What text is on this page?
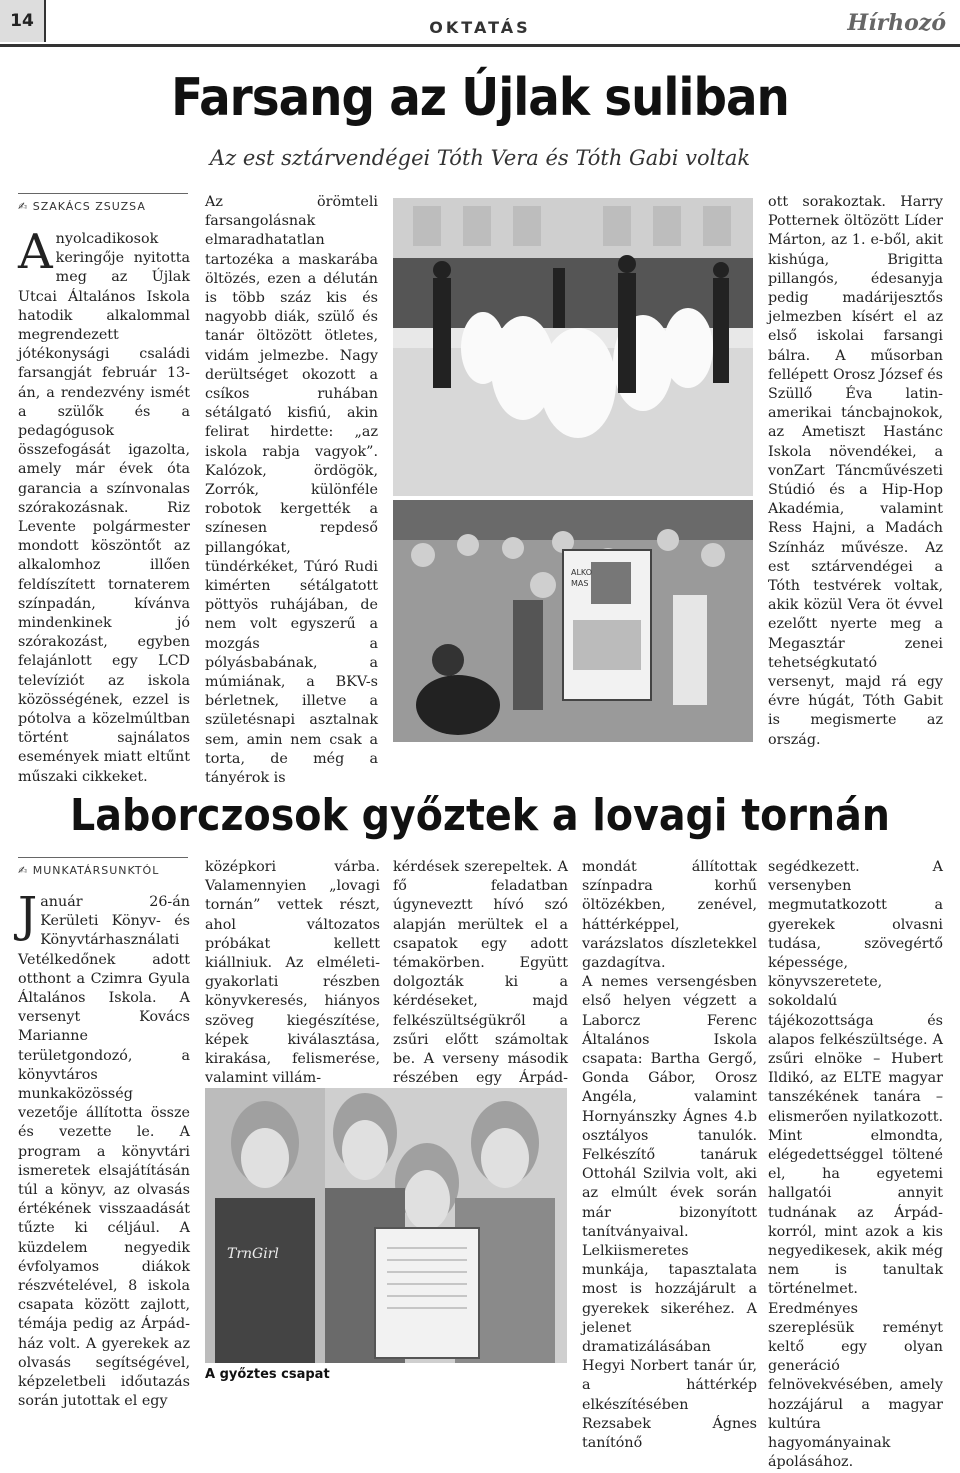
14	OKTATÁS	Hírhozó
Farsang az Újlak suliban
Az est sztárvendégei Tóth Vera és Tóth Gabi voltak
✍ SZAKÁCS ZSUZSA
Anyolcadikosok keringője nyitotta meg az Újlak Utcai Általános Iskola hatodik alkalommal megrendezett jótékonysági családi farsangját február 13-án, a rendezvény ismét a szülők és a pedagógusok összefogását igazolta, amely már évek óta garancia a színvonalas szórakozásnak. Riz Levente polgármester mondott köszöntőt az alkalomhoz illően feldíszített tornaterem színpadán, kívánva mindenkinek jó szórakozást, egyben felajánlott egy LCD televíziót az iskola közösségének, ezzel is pótolva a közelmúltban történt sajnálatos események miatt eltűnt műszaki cikkeket.
Az örömteli farsangolásnak elmaradhatatlan tartozéka a maskarába öltözés, ezen a délután is több száz kis és nagyobb diák, szülő és tanár öltözött ötletes, vidám jelmezbe. Nagy derültséget okozott a csíkos ruhában sétálgató kisfiú, akin felirat hirdette: „az iskola rabja vagyok”. Kalózok, ördögök, Zorrók, különféle robotok kergették a színesen repdeső pillangókat, tündérkéket, Túró Rudi kimérten sétálgatott pöttyös ruhájában, de nem volt egyszerű a mozgás a pólyásbabának, a múmiának, a BKV-s bérletnek, illetve a születésnapi asztalnak sem, amin nem csak a torta, de még a tányérok is
ALKO
MAS
ott sorakoztak. Harry Potternek öltözött Líder Márton, az 1. e-ből, akit kishúga, Brigitta pillangós, édesanyja pedig madárijesztős jelmezben kísért el az első iskolai farsangi bálra. A műsorban fellépett Orosz József és Szüllő Éva latin-amerikai táncbajnokok, az Ametiszt Hastánc Iskola növendékei, a vonZart Táncművészeti Stúdió és a Hip-Hop Akadémia, valamint Ress Hajni, a Madách Színház művésze. Az est sztárvendégei a Tóth testvérek voltak, akik közül Vera öt évvel ezelőtt nyerte meg a Megasztár zenei tehetségkutató versenyt, majd rá egy évre húgát, Tóth Gabit is megismerte az ország.
Laborczosok győztek a lovagi tornán
✍ MUNKATÁRSUNKTÓL
Január 26-án Kerületi Könyv- és Könyvtárhasználati Vetélkedőnek adott otthont a Czimra Gyula Általános Iskola. A versenyt Kovács Marianne területgondozó, a könyvtáros munkaközösség vezetője állította össze és vezette le. A program a könyvtári ismeretek elsajátításán túl a könyv, az olvasás értékének visszaadását tűzte ki céljául. A küzdelem negyedik évfolyamos diákok részvételével, 8 iskola csapata között zajlott, témája pedig az Árpád-ház volt. A gyerekek az olvasás segítségével, képzeletbeli időutazás során jutottak el egy
középkori várba. Valamennyien „lovagi tornán” vettek részt, ahol változatos próbákat kellett kiállniuk. Az elméleti-gyakorlati részben könyvkeresés, hiányos szöveg kiegészítése, képek kiválasztása, kirakása, felismerése, valamint villám-
kérdések szerepeltek. A fő feladatban úgyneveztt hívó szó alapján merültek el a csapatok egy adott témakörben. Együtt dolgozták ki a kérdéseket, majd felkészültségükről a zsűri előtt számoltak be. A verseny második részében egy Árpád-
mondát állítottak színpadra korhű öltözékben, zenével, háttérképpel, varázslatos díszletekkel gazdagítva.
A nemes versengésben első helyen végzett a Laborcz Ferenc Általános Iskola csapata: Bartha Gergő, Gonda Gábor, Orosz Angéla, valamint Hornyánszky Ágnes 4.b osztályos tanulók. Felkészítő tanáruk Ottohál Szilvia volt, aki az elmúlt évek során már bizonyított tanítványaival. Lelkiismeretes munkája, tapasztalata most is hozzájárult a gyerekek sikeréhez. A jelenet dramatizálásában Hegyi Norbert tanár úr, a háttérkép elkészítésében Rezsabek Ágnes tanítónő
segédkezett. A versenyben megmutatkozott a gyerekek olvasni tudása, szövegértő képessége, könyvszeretete, sokoldalú tájékozottsága és alapos felkészültsége. A zsűri elnöke – Hubert Ildikó, az ELTE magyar tanszékének tanára – elismerően nyilatkozott. Mint elmondta, elégedettséggel töltené el, ha egyetemi hallgatói annyit tudnának az Árpád-korról, mint azok a kis negyedikesek, akik még nem is tanultak történelmet. Eredményes szereplésük reményt keltő egy olyan generáció felnövekvésében, amely hozzájárul a magyar kultúra hagyományainak ápolásához.
TrnGirl
A győztes csapat
